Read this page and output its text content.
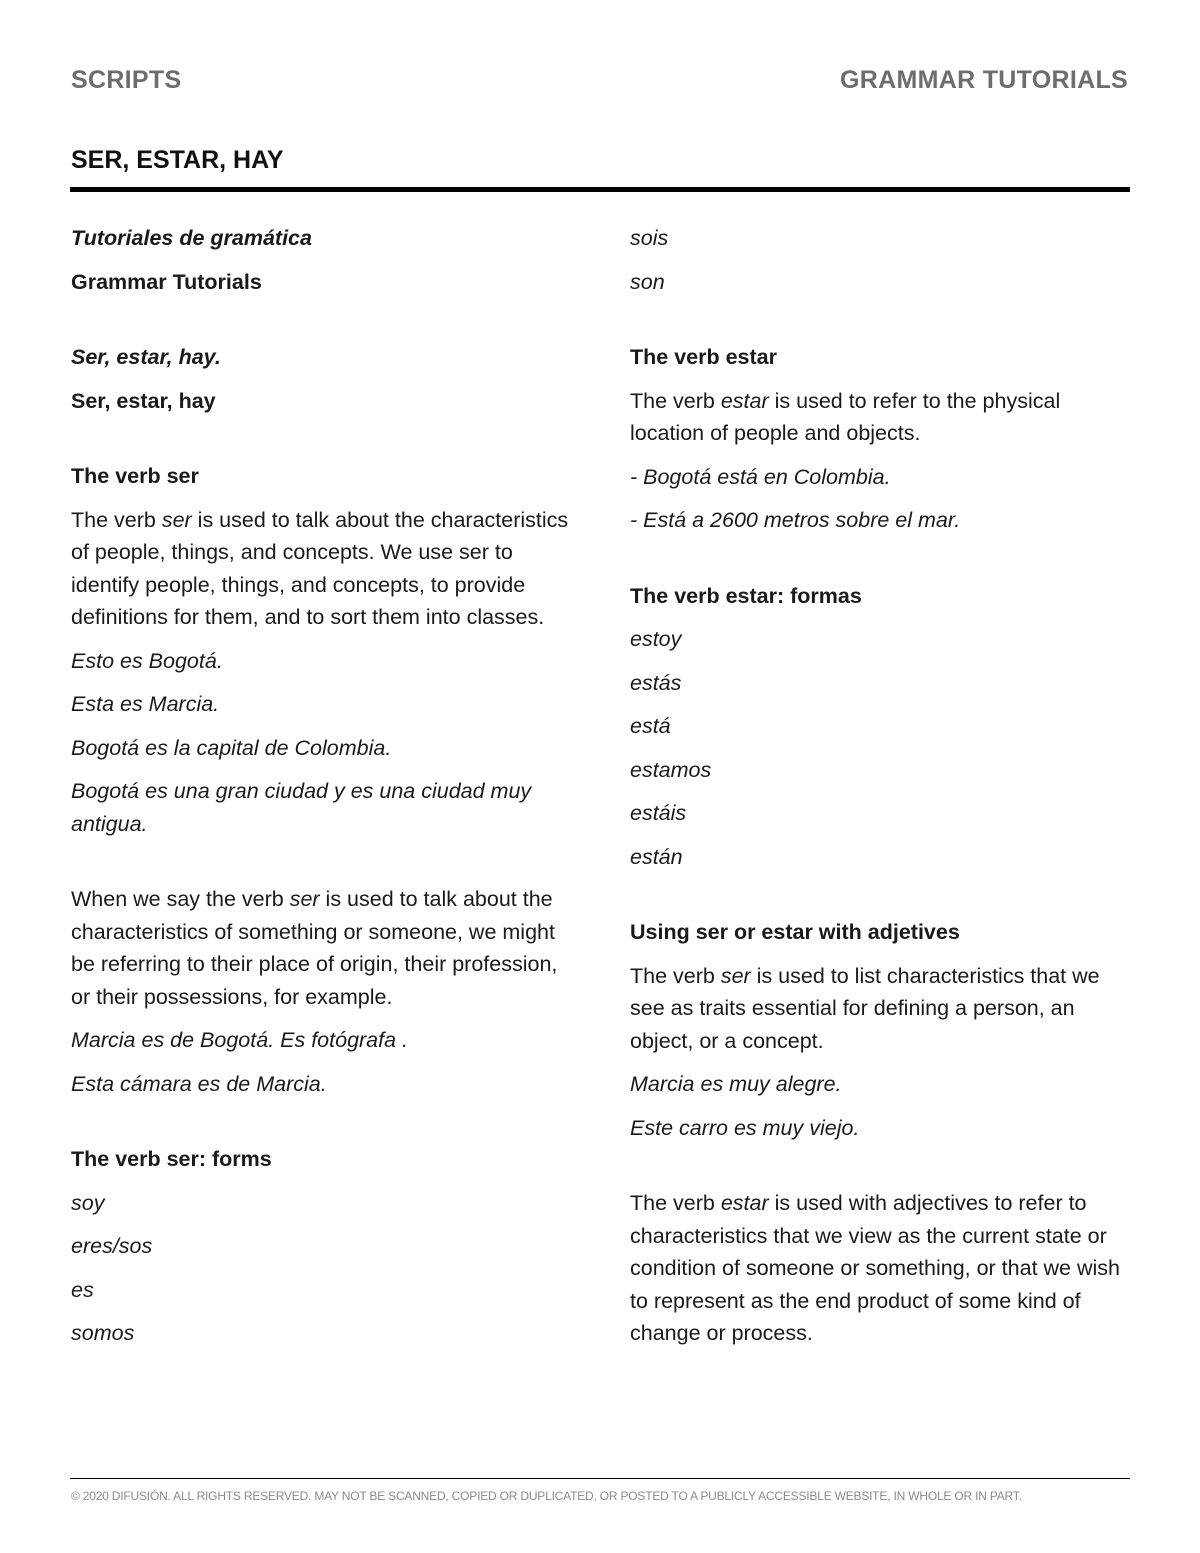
SCRIPTS	GRAMMAR TUTORIALS
SER, ESTAR, HAY

Tutoriales de gramática

Grammar Tutorials

Ser, estar, hay.

Ser, estar, hay

The verb ser

The verb ser is used to talk about the characteristics of people, things, and concepts. We use ser to identify people, things, and concepts, to provide definitions for them, and to sort them into classes.

Esto es Bogotá.

Esta es Marcia.

Bogotá es la capital de Colombia.

Bogotá es una gran ciudad y es una ciudad muy antigua.

When we say the verb ser is used to talk about the characteristics of something or someone, we might be referring to their place of origin, their profession, or their possessions, for example.

Marcia es de Bogotá. Es fotógrafa .

Esta cámara es de Marcia.

The verb ser: forms

soy

eres/sos

es

somos

sois

son

The verb estar

The verb estar is used to refer to the physical location of people and objects.

- Bogotá está en Colombia.

- Está a 2600 metros sobre el mar.

The verb estar: formas

estoy

estás

está

estamos

estáis

están

Using ser or estar with adjetives

The verb ser is used to list characteristics that we see as traits essential for defining a person, an object, or a concept.

Marcia es muy alegre.

Este carro es muy viejo.

The verb estar is used with adjectives to refer to characteristics that we view as the current state or condition of someone or something, or that we wish to represent as the end product of some kind of change or process.

© 2020 DIFUSIÓN. ALL RIGHTS RESERVED. MAY NOT BE SCANNED, COPIED OR DUPLICATED, OR POSTED TO A PUBLICLY ACCESSIBLE WEBSITE, IN WHOLE OR IN PART.
